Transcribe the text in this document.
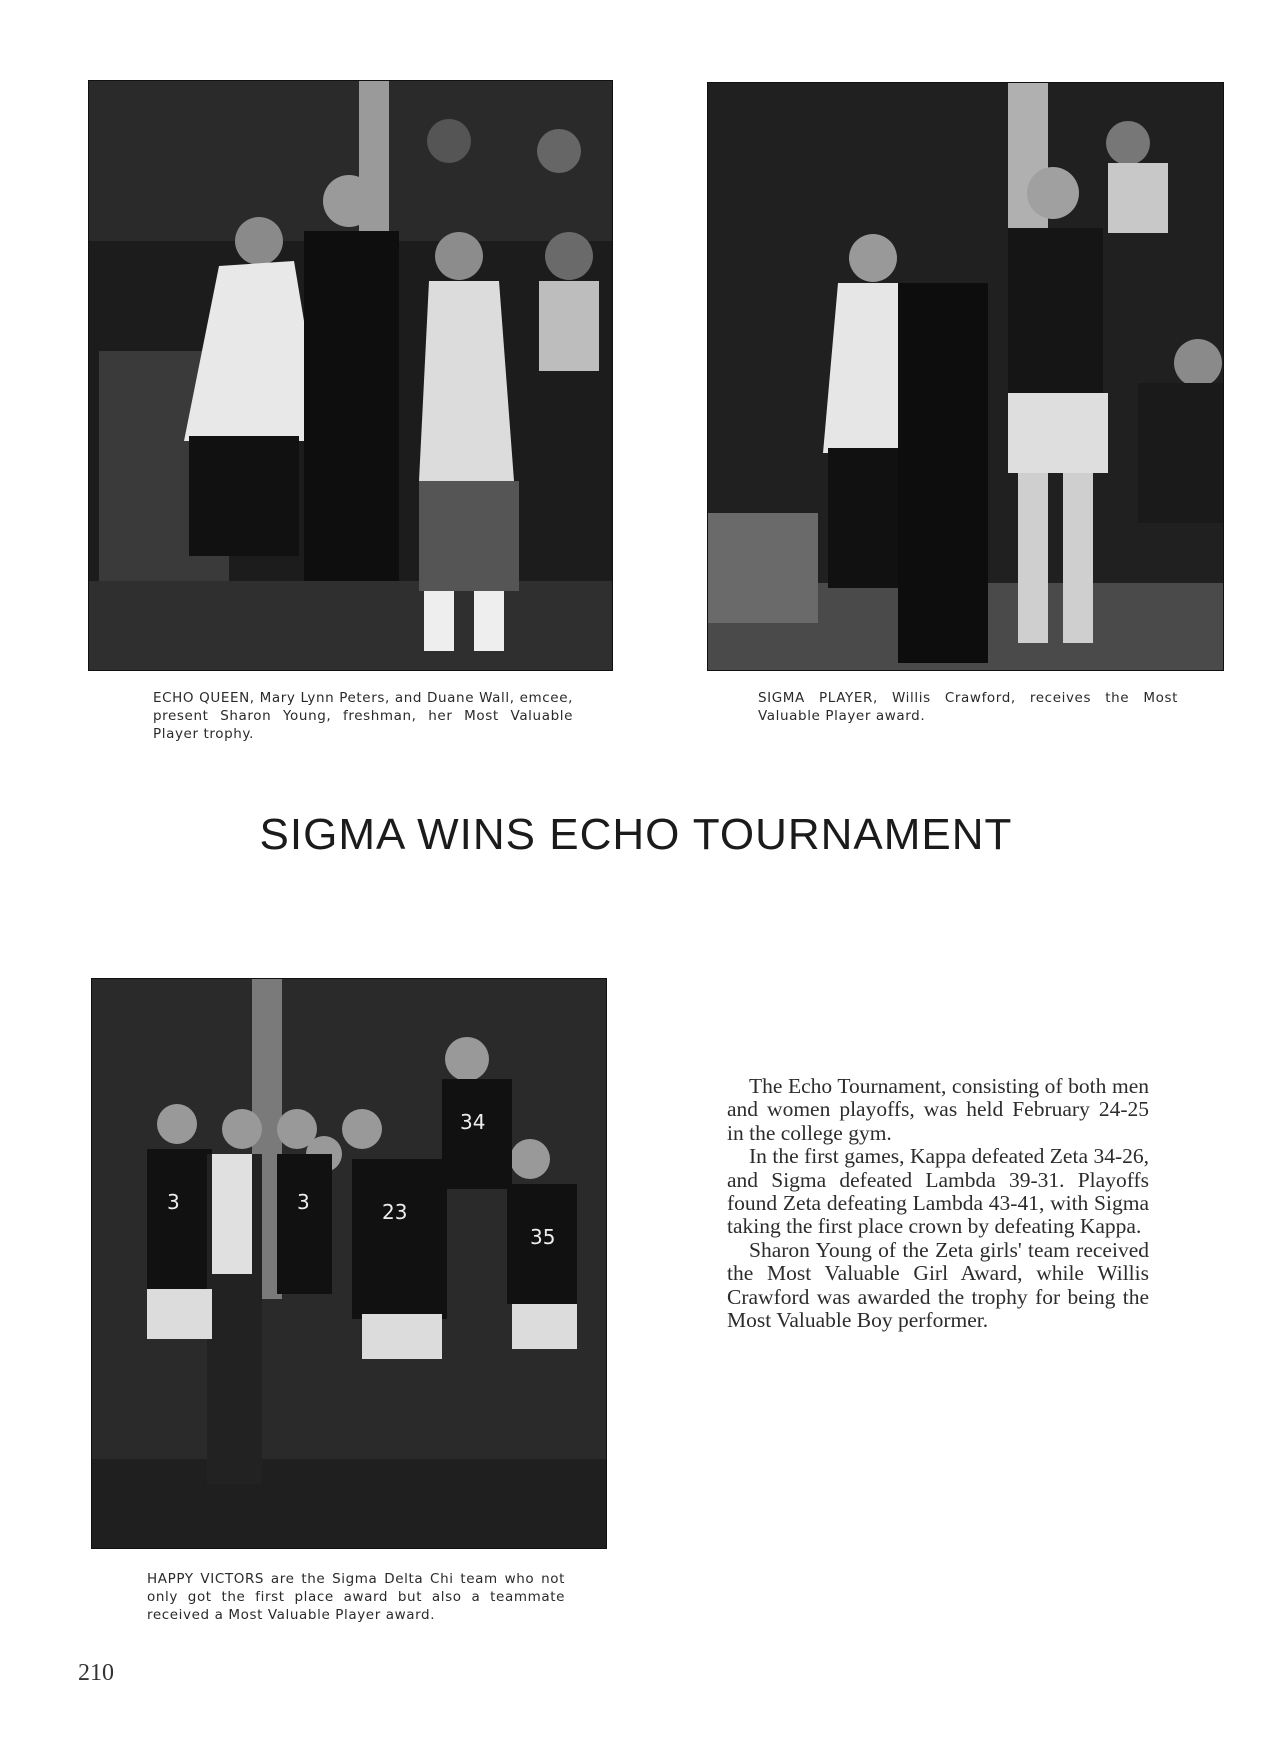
ECHO QUEEN, Mary Lynn Peters, and Duane Wall, emcee, present Sharon Young, freshman, her Most Valuable Player trophy.
SIGMA PLAYER, Willis Crawford, receives the Most Valuable Player award.
SIGMA WINS ECHO TOURNAMENT
3	3	23
34
35
HAPPY VICTORS are the Sigma Delta Chi team who not only got the first place award but also a teammate received a Most Valuable Player award.

The Echo Tournament, consisting of both men and women playoffs, was held February 24-25 in the college gym.

In the first games, Kappa defeated Zeta 34-26, and Sigma defeated Lambda 39-31. Playoffs found Zeta defeating Lambda 43-41, with Sigma taking the first place crown by defeating Kappa.

Sharon Young of the Zeta girls' team received the Most Valuable Girl Award, while Willis Crawford was awarded the trophy for being the Most Valuable Boy performer.

210
